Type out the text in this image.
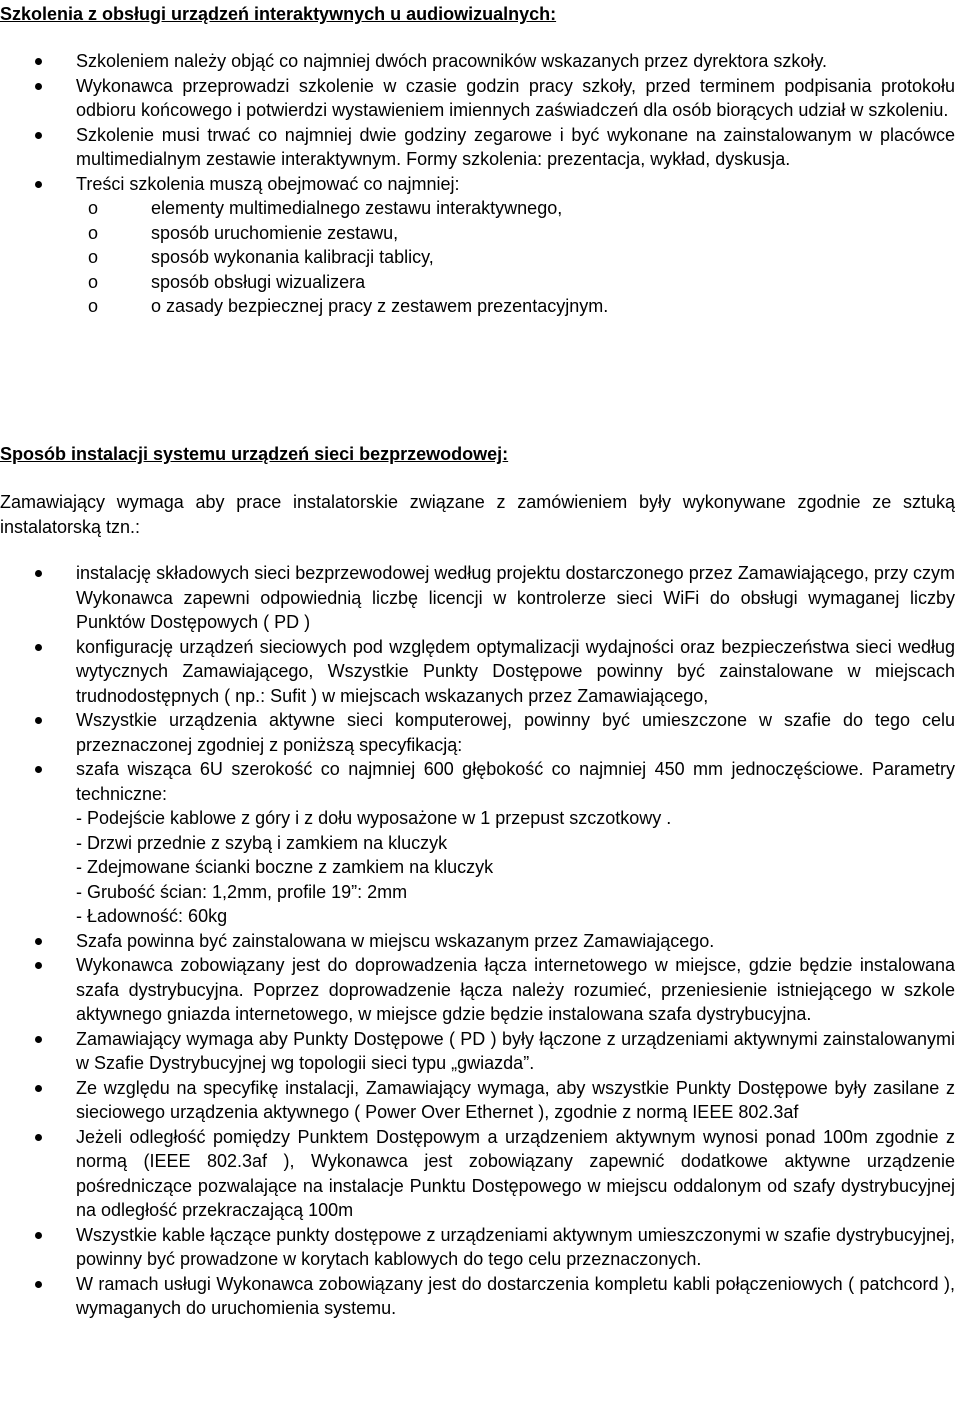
Szkolenia z obsługi urządzeń interaktywnych u audiowizualnych:
Szkoleniem należy objąć co najmniej dwóch pracowników wskazanych przez dyrektora szkoły.
Wykonawca przeprowadzi szkolenie w czasie godzin pracy szkoły, przed terminem podpisania protokołu odbioru końcowego i potwierdzi wystawieniem imiennych zaświadczeń dla osób biorących udział w szkoleniu.
Szkolenie musi trwać co najmniej dwie godziny zegarowe i być wykonane na zainstalowanym w placówce multimedialnym zestawie interaktywnym. Formy szkolenia: prezentacja, wykład, dyskusja.
Treści szkolenia muszą obejmować co najmniej:
o	elementy multimedialnego zestawu interaktywnego,
o	sposób uruchomienie zestawu,
o	sposób wykonania kalibracji tablicy,
o	sposób obsługi wizualizera
o	o zasady bezpiecznej pracy z zestawem prezentacyjnym.
Sposób instalacji systemu urządzeń sieci bezprzewodowej:

Zamawiający wymaga aby prace instalatorskie związane z zamówieniem były wykonywane zgodnie ze sztuką instalatorską tzn.:

instalację składowych sieci bezprzewodowej według projektu dostarczonego przez Zamawiającego, przy czym Wykonawca zapewni odpowiednią liczbę licencji w kontrolerze sieci WiFi do obsługi wymaganej liczby Punktów Dostępowych ( PD )
konfigurację urządzeń sieciowych pod względem optymalizacji wydajności oraz bezpieczeństwa sieci według wytycznych Zamawiającego, Wszystkie Punkty Dostępowe powinny być zainstalowane w miejscach trudnodostępnych ( np.: Sufit ) w miejscach wskazanych przez Zamawiającego,
Wszystkie urządzenia aktywne sieci komputerowej, powinny być umieszczone w szafie do tego celu przeznaczonej zgodniej z poniższą specyfikacją:
szafa wisząca 6U szerokość co najmniej 600 głębokość co najmniej 450 mm jednoczęściowe. Parametry techniczne:
- Podejście kablowe z góry i z dołu wyposażone w 1 przepust szczotkowy .
- Drzwi przednie z szybą i zamkiem na kluczyk
- Zdejmowane ścianki boczne z zamkiem na kluczyk
- Grubość ścian: 1,2mm, profile 19”: 2mm
- Ładowność: 60kg
Szafa powinna być zainstalowana w miejscu wskazanym przez Zamawiającego.
Wykonawca zobowiązany jest do doprowadzenia łącza internetowego w miejsce, gdzie będzie instalowana szafa dystrybucyjna. Poprzez doprowadzenie łącza należy rozumieć, przeniesienie istniejącego w szkole aktywnego gniazda internetowego, w miejsce gdzie będzie instalowana szafa dystrybucyjna.
Zamawiający wymaga aby Punkty Dostępowe ( PD ) były łączone z urządzeniami aktywnymi zainstalowanymi w Szafie Dystrybucyjnej wg topologii sieci typu „gwiazda”.
Ze względu na specyfikę instalacji, Zamawiający wymaga, aby wszystkie Punkty Dostępowe były zasilane z sieciowego urządzenia aktywnego ( Power Over Ethernet ), zgodnie z normą IEEE 802.3af
Jeżeli odległość pomiędzy Punktem Dostępowym a urządzeniem aktywnym wynosi ponad 100m zgodnie z normą (IEEE 802.3af ), Wykonawca jest zobowiązany zapewnić dodatkowe aktywne urządzenie pośredniczące pozwalające na instalacje Punktu Dostępowego w miejscu oddalonym od szafy dystrybucyjnej na odległość przekraczającą 100m
Wszystkie kable łączące punkty dostępowe z urządzeniami aktywnym umieszczonymi w szafie dystrybucyjnej, powinny być prowadzone w korytach kablowych do tego celu przeznaczonych.
W ramach usługi Wykonawca zobowiązany jest do dostarczenia kompletu kabli połączeniowych ( patchcord ), wymaganych do uruchomienia systemu.
